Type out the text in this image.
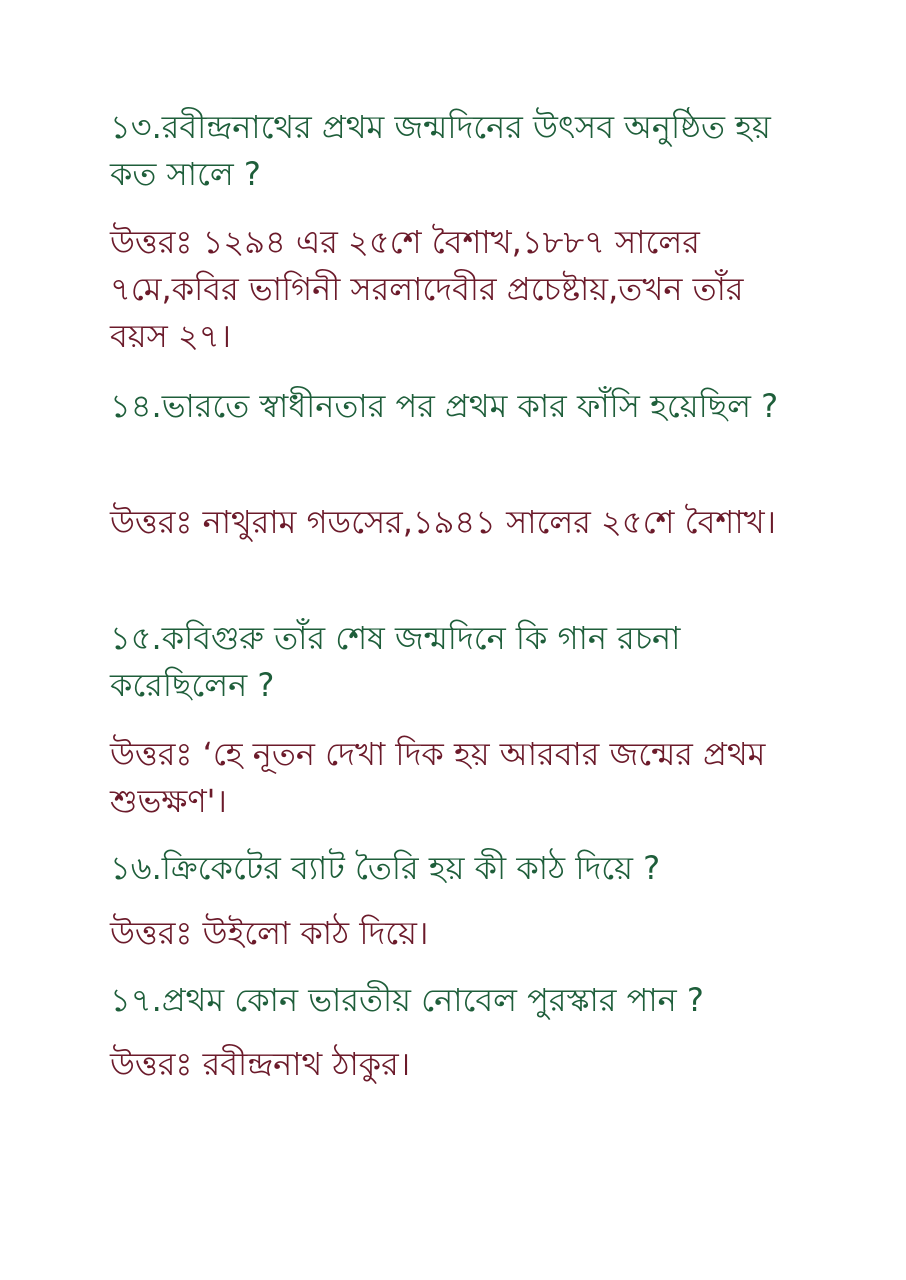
১৩.রবীন্দ্রনাথের প্রথম জন্মদিনের উৎসব অনুষ্ঠিত হয় কত সালে ?

উত্তরঃ ১২৯৪ এর ২৫শে বৈশাখ,১৮৮৭ সালের ৭মে,কবির ভাগিনী সরলাদেবীর প্রচেষ্টায়,তখন তাঁর বয়স ২৭।

১৪.ভারতে স্বাধীনতার পর প্রথম কার ফাঁসি হয়েছিল ?

উত্তরঃ নাথুরাম গডসের,১৯৪১ সালের ২৫শে বৈশাখ।

১৫.কবিগুরু তাঁর শেষ জন্মদিনে কি গান রচনা করেছিলেন ?

উত্তরঃ ‘হে নূতন দেখা দিক হয় আরবার জন্মের প্রথম শুভক্ষণ'।

১৬.ক্রিকেটের ব্যাট তৈরি হয় কী কাঠ দিয়ে ?

উত্তরঃ উইলো কাঠ দিয়ে।

১৭.প্রথম কোন ভারতীয় নোবেল পুরস্কার পান ?

উত্তরঃ রবীন্দ্রনাথ ঠাকুর।
